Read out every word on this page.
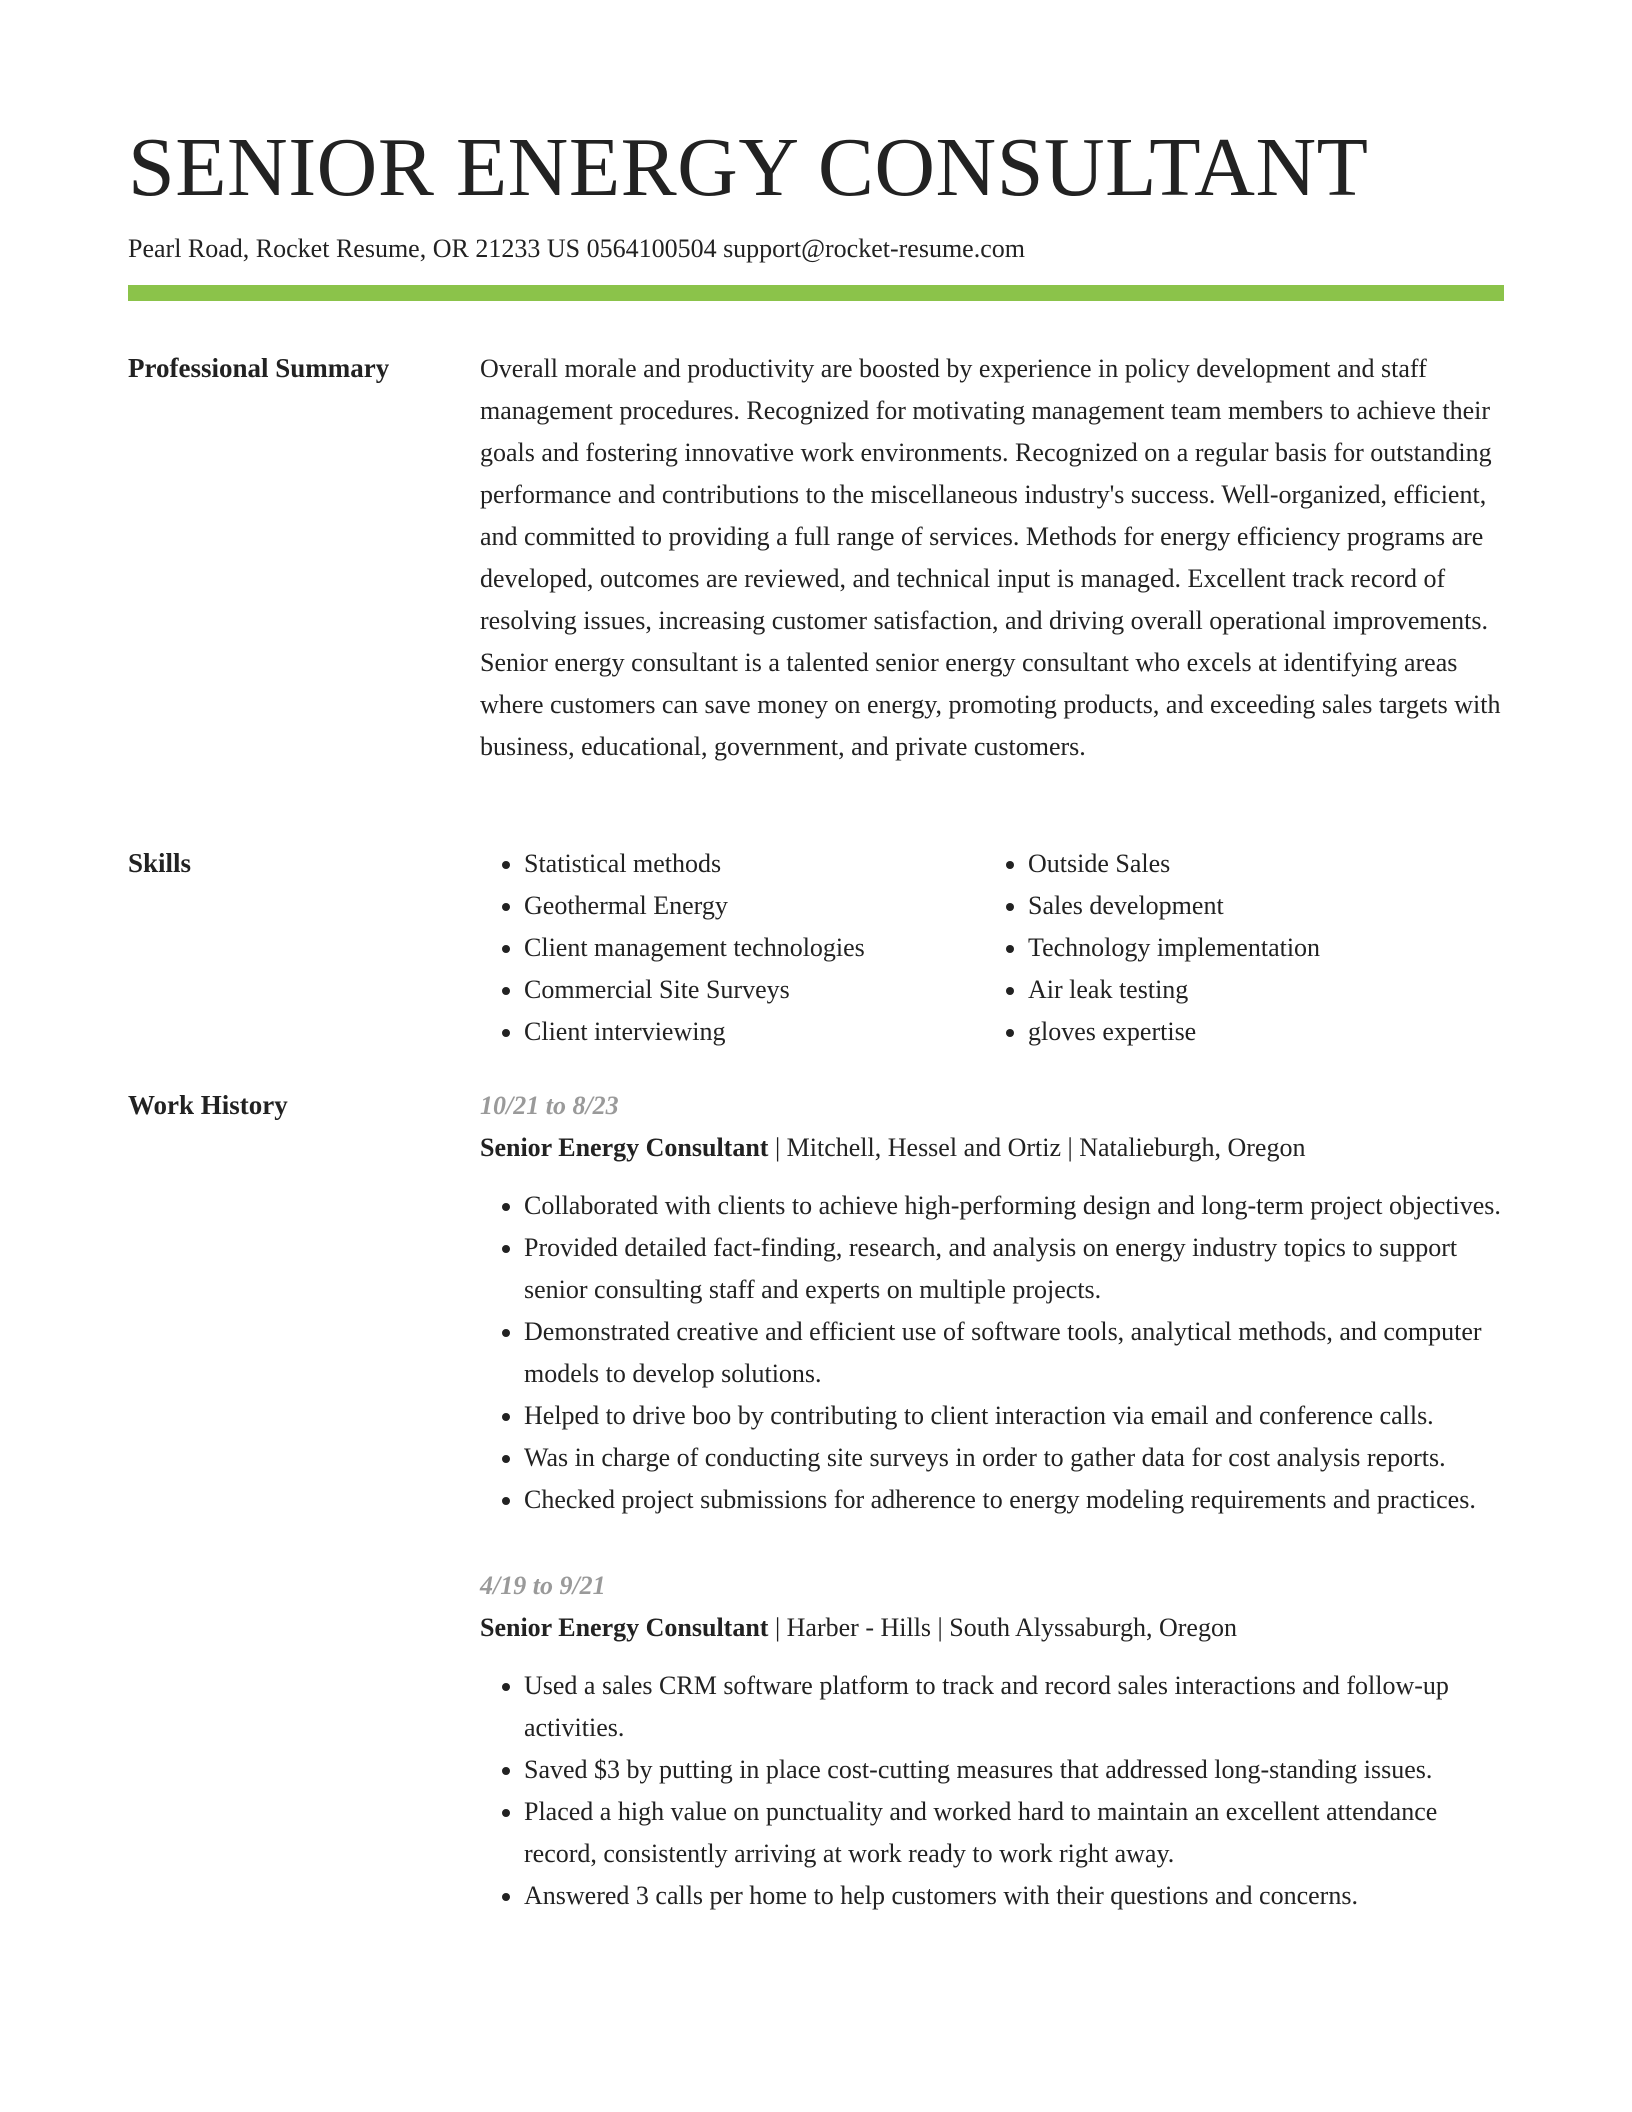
SENIOR ENERGY CONSULTANT
Pearl Road, Rocket Resume, OR 21233 US 0564100504 support@rocket-resume.com
Professional Summary	Overall morale and productivity are boosted by experience in policy development and staff management procedures. Recognized for motivating management team members to achieve their goals and fostering innovative work environments. Recognized on a regular basis for outstanding performance and contributions to the miscellaneous industry's success. Well-organized, efficient, and committed to providing a full range of services. Methods for energy efficiency programs are developed, outcomes are reviewed, and technical input is managed. Excellent track record of resolving issues, increasing customer satisfaction, and driving overall operational improvements. Senior energy consultant is a talented senior energy consultant who excels at identifying areas where customers can save money on energy, promoting products, and exceeding sales targets with business, educational, government, and private customers.

Skills
•	Statistical methods
• Geothermal Energy
• Client management technologies
• Commercial Site Surveys
• Client interviewing
• Outside Sales
• Sales development
• Technology implementation
• Air leak testing
• gloves expertise
Work History	10/21 to 8/23
Senior Energy Consultant | Mitchell, Hessel and Ortiz | Natalieburgh, Oregon
• Collaborated with clients to achieve high-performing design and long-term project objectives.
• Provided detailed fact-finding, research, and analysis on energy industry topics to support senior consulting staff and experts on multiple projects.
• Demonstrated creative and efficient use of software tools, analytical methods, and computer models to develop solutions.
• Helped to drive boo by contributing to client interaction via email and conference calls.
• Was in charge of conducting site surveys in order to gather data for cost analysis reports.
• Checked project submissions for adherence to energy modeling requirements and practices.
4/19 to 9/21
Senior Energy Consultant | Harber - Hills | South Alyssaburgh, Oregon
• Used a sales CRM software platform to track and record sales interactions and follow-up activities.
• Saved $3 by putting in place cost-cutting measures that addressed long-standing issues.
• Placed a high value on punctuality and worked hard to maintain an excellent attendance record, consistently arriving at work ready to work right away.
• Answered 3 calls per home to help customers with their questions and concerns.
